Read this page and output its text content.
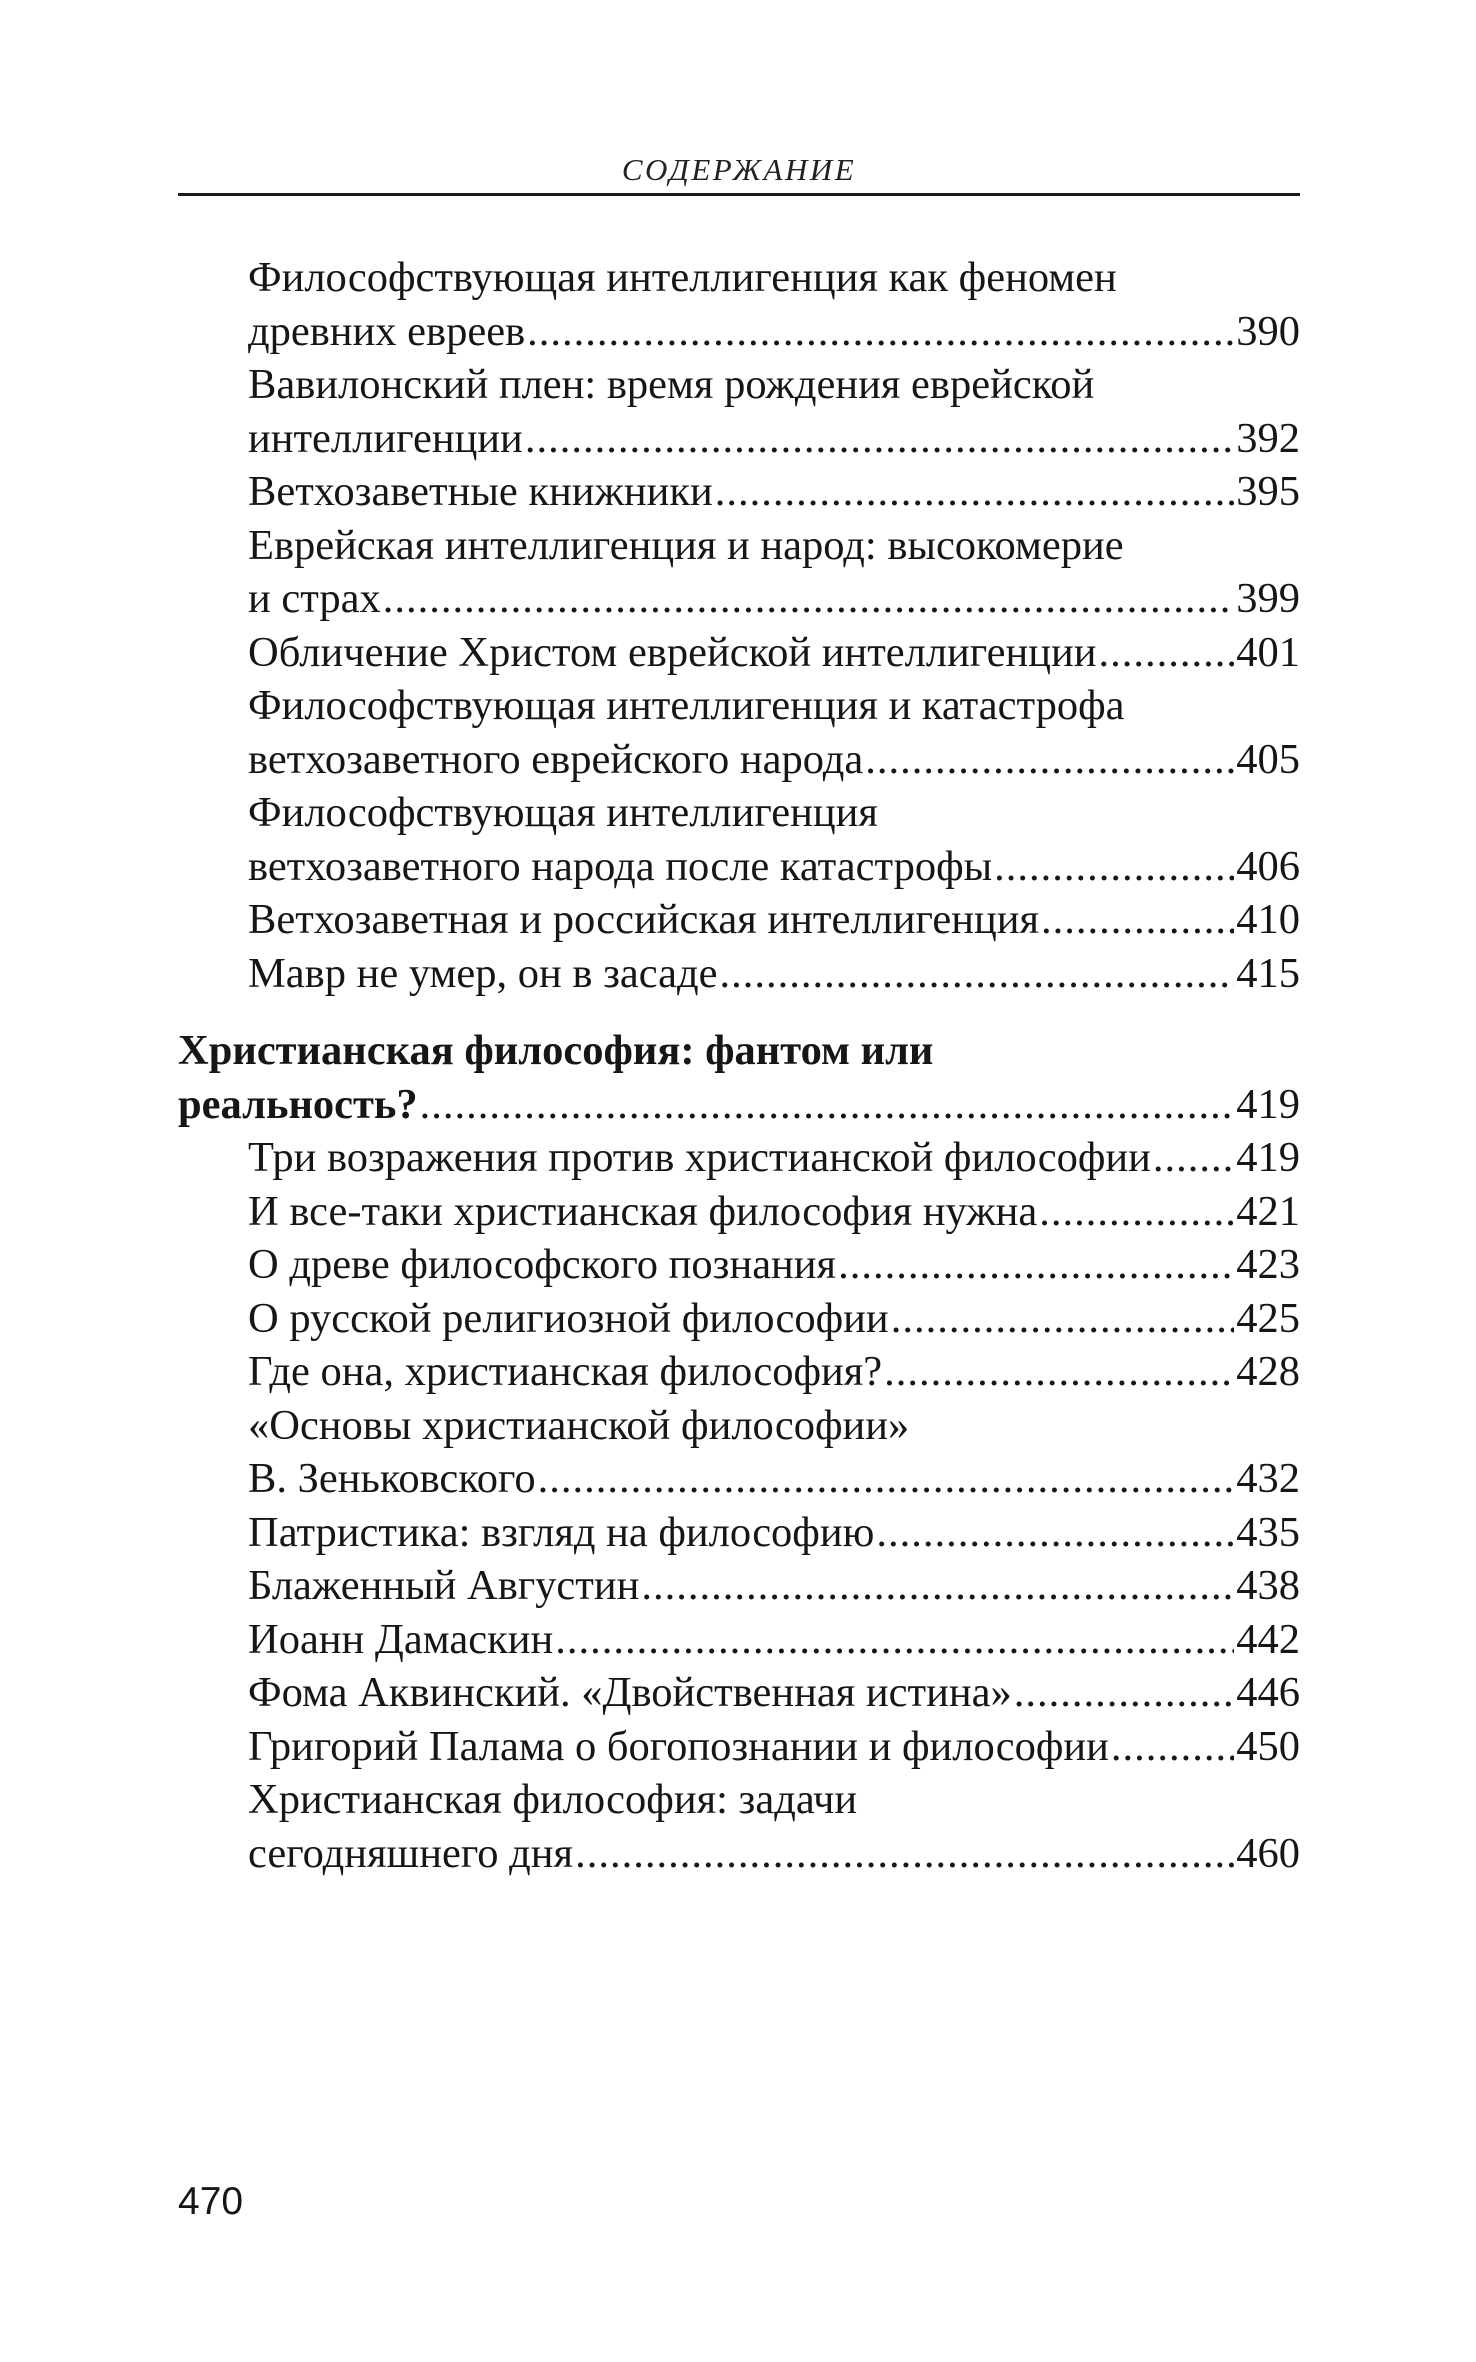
СОДЕРЖАНИЕ
Философствующая интеллигенция как феномен
древних евреев .....	390
Вавилонский плен: время рождения еврейской
интеллигенции .....	392
Ветхозаветные книжники .....	395
Еврейская интеллигенция и народ: высокомерие
и страх .....	399
Обличение Христом еврейской интеллигенции .....	401
Философствующая интеллигенция и катастрофа
ветхозаветного еврейского народа .....	405
Философствующая интеллигенция
ветхозаветного народа после катастрофы .....	406
Ветхозаветная и российская интеллигенция .....	410
Мавр не умер, он в засаде .....	415
Христианская философия: фантом или
реальность? .....	419
Три возражения против христианской философии ..... 419
И все-таки христианская философия нужна .....	421
О древе философского познания .....	423
О русской религиозной философии .....	425
Где она, христианская философия? .....	428
«Основы христианской философии»
В. Зеньковского .....	432
Патристика: взгляд на философию .....	435
Блаженный Августин .....	438
Иоанн Дамаскин .....	442
Фома Аквинский. «Двойственная истина» .....	446
Григорий Палама о богопознании и философии .....	450
Христианская философия: задачи
сегодняшнего дня .....	460
470
